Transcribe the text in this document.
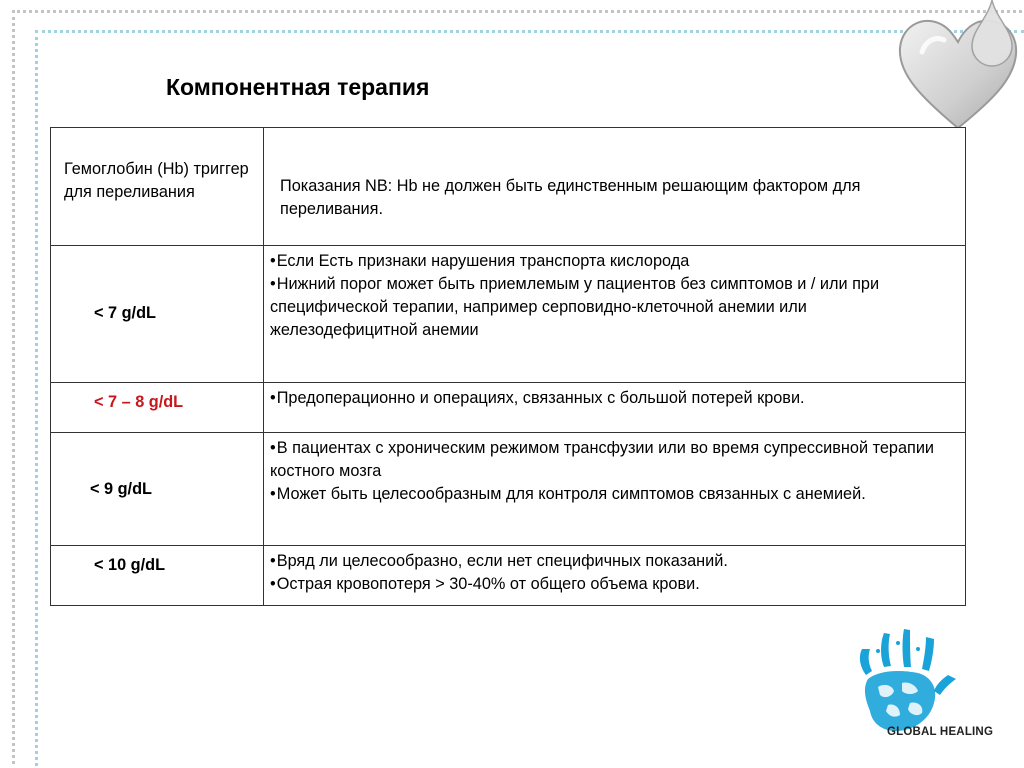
Компонентная терапия
Гемоглобин (Hb) триггер для переливания	Показания NB: Hb не должен быть единственным решающим фактором для переливания.
< 7 g/dL	• Если Есть признаки нарушения транспорта кислорода

• Нижний порог может быть приемлемым у пациентов без симптомов и / или при специфической терапии, например серповидно-клеточной анемии или железодефицитной анемии

< 7 – 8 g/dL	• Предоперационно и операциях, связанных с большой потерей крови.

< 9 g/dL	• В пациентах с хроническим режимом трансфузии или во время супрессивной терапии костного мозга

• Может быть целесообразным для контроля симптомов связанных с анемией.

< 10 g/dL	• Вряд ли целесообразно, если нет специфичных показаний.

• Острая кровопотеря > 30-40% от общего объема крови.

GLOBAL HEALING
